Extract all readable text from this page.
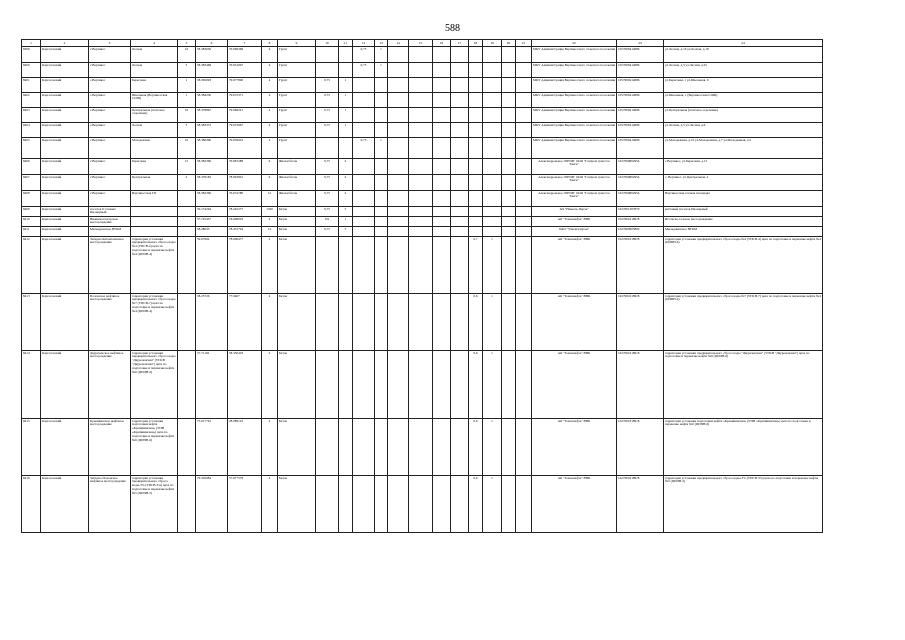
588
1	2	3	4	5	6	7	8	9	10	11	12	13	14	15	16	17	18	19	20	21	22	23	24
8399	Каргасокский	с.Вертикос	Лесная	16	58.383656	79.669368	4	Грунт			0,75	1									МКУ Администрация Вертикосского сельского поселения	1057000414686	ул.Лесная, д.16 ул.Лесная, д.18
8400	Каргасокский	с.Вертикос	Лесная	5	58.383468	79.631097	4	Грунт			0,75	1									МКУ Администрация Вертикосского сельского поселения	1057000414686	ул.Лесная, д.5 ул.Лесная, д.25
8401	Каргасокский	с.Вертикос	Береговая	1	58.365093	79.677800	4	Грунт	0,75	1											МКУ Администрация Вертикосского сельского поселения	1057000414686	ул.Береговая, 1 ул.Школьная, 9
8402	Каргасокский	с.Вертикос	Школьная (Вертикосская СОШ)	1	58.384230	79.672371	4	Грунт	0,75	1											МКУ Администрация Вертикосского сельского поселения	1057000414686	ул.Школьная, 1 (Вертикосская СОШ)
8403	Каргасокский	с.Вертикос	Центральная (почтовое отделение)	10	58.378867	79.669221	4	Грунт	0,75	1											МКУ Администрация Вертикосского сельского поселения	1057000414686	ул.Центральная (почтовое отделение)
8404	Каргасокский	с.Вертикос	Лесная	5	58.383372	79.672967	4	Грунт	0,75	1											МКУ Администрация Вертикосского сельского поселения	1057000414686	ул.Лесная, д.5 ул.Лесная, д.6
8405	Каргасокский	с.Вертикос	Молодежная	10	58.386390	79.659923	4	Грунт			0,75	1									МКУ Администрация Вертикосского сельского поселения	1057000414686	ул.Молодежная, д.10 ул.Молодежная, д.7 ул.Молодежная, д.5
8406	Каргасокский	с.Вертикос	Береговая	15	58.382360	79.681588	6	Железобетон	0,75	2											Александровское ЛПУМГ ООО "Газпром трансгаз Томск"	1027000862954	с.Вертикос, ул.Береговая, д.15
8407	Каргасокский	с.Вертикос	Центральная	2	58.378182	78.993991	6	Железобетон	0,75	2											Александровское ЛПУМГ ООО "Газпром трансгаз Томск"	1027000862954	с. Вертикос, ул.Центральная, 2
8408	Каргасокский	с.Вертикос	Вертикосская ГП		58.382360	79.674780	12	Железобетон	0,75	2											Александровское ЛПУМГ ООО "Газпром трансгаз Томск"	1027000862954	Вертикосская газовая площадка
8409	Каргасокский	поселок 6 газовых Пионерный			59.174264	78.245277	1320	Бетон	0,75	5											АО "Навьеть-Перль"	1027001307870	вахтовый поселок Пионерный
8410	Каргасокский	Нижнеколтогорское месторождение			57.745457	76.608003	2	Бетон	0,9	1											АО "Томскнефть" ВНК	1027001618918	Игольско-таловое месторождение
8411	Каргасокский	Малыдровское НТКМ			58.28635	78.431744	12	Бетон	0,75	5											ОАО "Томскгазпром"	1027000905860	Мыльджинское НГКМ
8412	Каргасокский	Западно-Катыльгинское месторождение	территория установки предварительного сброса воды №4 (УПСВ-4) цеха по подготовке и перекачке нефти №4 (ЦППН-4)		59.67992	78.006477	2	Бетон									0,7	1			АО "Томскнефть" ВНК	1027001618918	территория установки предварительного сброса воды №4 (УПСВ-4) цеха по подготовке и перекачке нефти №4 (ЦППН-4)
8413	Каргасокский	Полонское нефтяное месторождение	территория установки предварительного сброса воды №7 (УПСВ-7) цеха по подготовке и перекачке нефти №4 (ЦППН-4)		58.25726	77.0407	2	Бетон									0,6	1			АО "Томскнефть" ВНК	1027001618918	территория установки предварительного сброса воды №7 (УПСВ-7) цеха по подготовке и перекачке нефти №4 (ЦППН-4)
8414	Каргасокский	Двуреченское нефтяное месторождение	территория установки предварительного сброса воды "Двуреченская" (УПСВ "Двуреченская") цеха по подготовке и перекачке нефти №6 (ЦППН-6)		57.71192	58.350418	2	Бетон									0,9	1			АО "Томскнефть" ВНК	1027001618918	территория установки предварительного сброса воды "Двуреченская" (УПСВ "Двуреченская") цеха по подготовке и перекачке нефти №6 (ЦППН-6)
8415	Каргасокский	Крапивинское нефтяное месторождение	территория установки подготовки нефти «Крапивинская» (УПН «Крапивинская») цеха по подготовке и перекачке нефти №6 (ЦППН-6)		75.017742	28.089122	2	Бетон									0,9	1			АО "Томскнефть" ВНК	1027001618918	территория установки подготовки нефти «Крапивинская» (УПН «Крапивинская») цеха по подготовке и перекачке нефти №6 (ЦППН-6)
8416	Каргасокский	Западно-Полонское нефтяное месторождение	территория установки предварительного сброса воды-3% (УПСВ-3%) цеха по подготовке и перекачке нефти №5 (ЦППН-5)		76.302984	57.677579	4	Бетон									0,9	1			АО "Томскнефть" ВНК	1027001618918	территория установки предварительного сброса воды-3% (УПСВ-3%) цеха по подготовке и перекачке нефти №5 (ЦППН-5)
